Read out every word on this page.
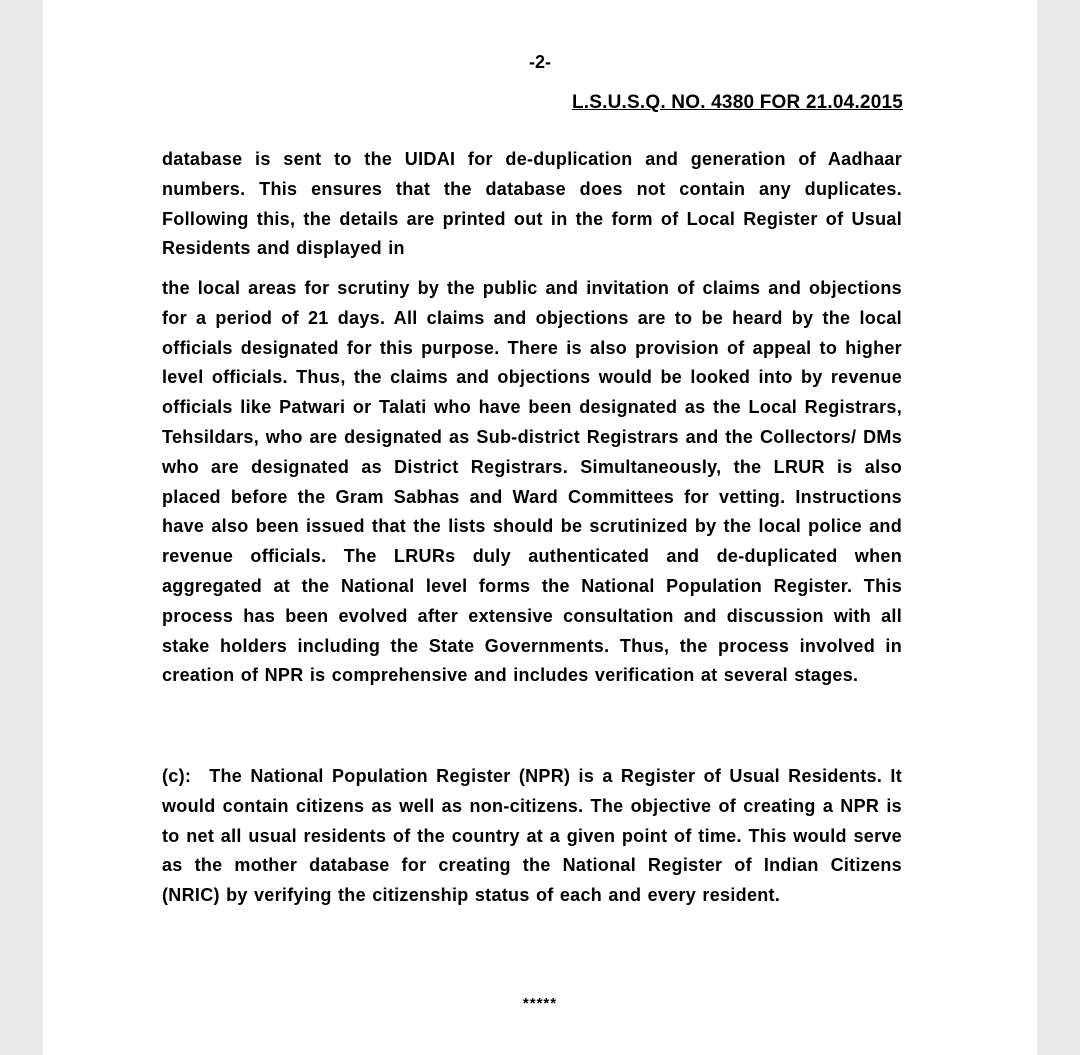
-2-

L.S.U.S.Q. NO. 4380 FOR 21.04.2015

database is sent to the UIDAI for de-duplication and generation of Aadhaar numbers. This ensures that the database does not contain any duplicates. Following this, the details are printed out in the form of Local Register of Usual Residents and displayed in

the local areas for scrutiny by the public and invitation of claims and objections for a period of 21 days. All claims and objections are to be heard by the local officials designated for this purpose. There is also provision of appeal to higher level officials. Thus, the claims and objections would be looked into by revenue officials like Patwari or Talati who have been designated as the Local Registrars, Tehsildars, who are designated as Sub-district Registrars and the Collectors/ DMs who are designated as District Registrars. Simultaneously, the LRUR is also placed before the Gram Sabhas and Ward Committees for vetting. Instructions have also been issued that the lists should be scrutinized by the local police and revenue officials. The LRURs duly authenticated and de-duplicated when aggregated at the National level forms the National Population Register. This process has been evolved after extensive consultation and discussion with all stake holders including the State Governments. Thus, the process involved in creation of NPR is comprehensive and includes verification at several stages.

(c): The National Population Register (NPR) is a Register of Usual Residents. It would contain citizens as well as non-citizens. The objective of creating a NPR is to net all usual residents of the country at a given point of time. This would serve as the mother database for creating the National Register of Indian Citizens (NRIC) by verifying the citizenship status of each and every resident.

*****
